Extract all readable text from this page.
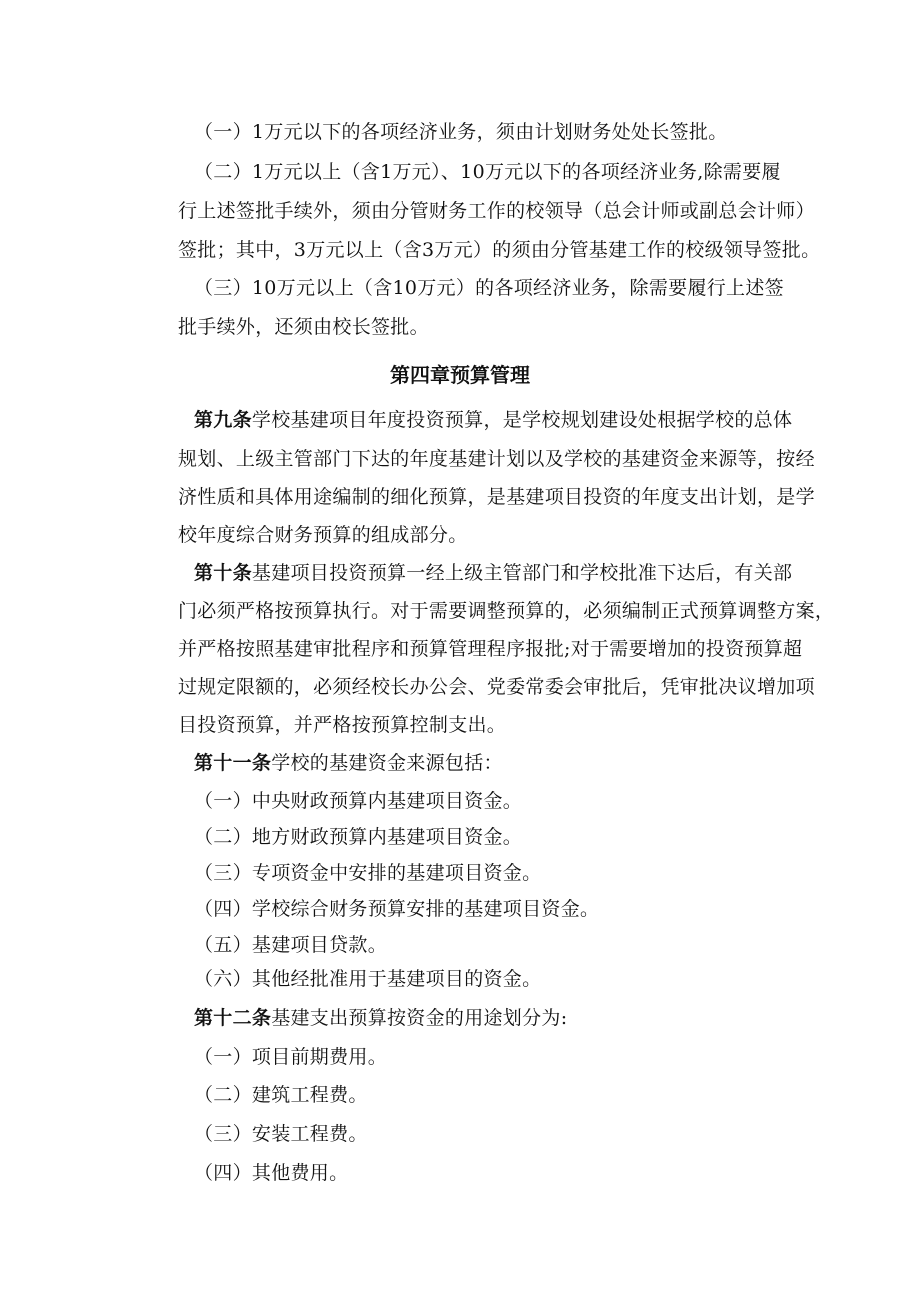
（一）1万元以下的各项经济业务，须由计划财务处处长签批。
（二）1万元以上（含1万元）、10万元以下的各项经济业务,除需要履
行上述签批手续外，须由分管财务工作的校领导（总会计师或副总会计师）
签批；其中，3万元以上（含3万元）的须由分管基建工作的校级领导签批。
（三）10万元以上（含10万元）的各项经济业务，除需要履行上述签
批手续外，还须由校长签批。
第四章预算管理
第九条学校基建项目年度投资预算，是学校规划建设处根据学校的总体
规划、上级主管部门下达的年度基建计划以及学校的基建资金来源等，按经
济性质和具体用途编制的细化预算，是基建项目投资的年度支出计划，是学
校年度综合财务预算的组成部分。
第十条基建项目投资预算一经上级主管部门和学校批准下达后，有关部
门必须严格按预算执行。对于需要调整预算的，必须编制正式预算调整方案，
并严格按照基建审批程序和预算管理程序报批;对于需要增加的投资预算超
过规定限额的，必须经校长办公会、党委常委会审批后，凭审批决议增加项
目投资预算，并严格按预算控制支出。
第十一条学校的基建资金来源包括：
（一）中央财政预算内基建项目资金。
（二）地方财政预算内基建项目资金。
（三）专项资金中安排的基建项目资金。
（四）学校综合财务预算安排的基建项目资金。
（五）基建项目贷款。
（六）其他经批准用于基建项目的资金。
第十二条基建支出预算按资金的用途划分为:
（一）项目前期费用。
（二）建筑工程费。
（三）安装工程费。
（四）其他费用。
